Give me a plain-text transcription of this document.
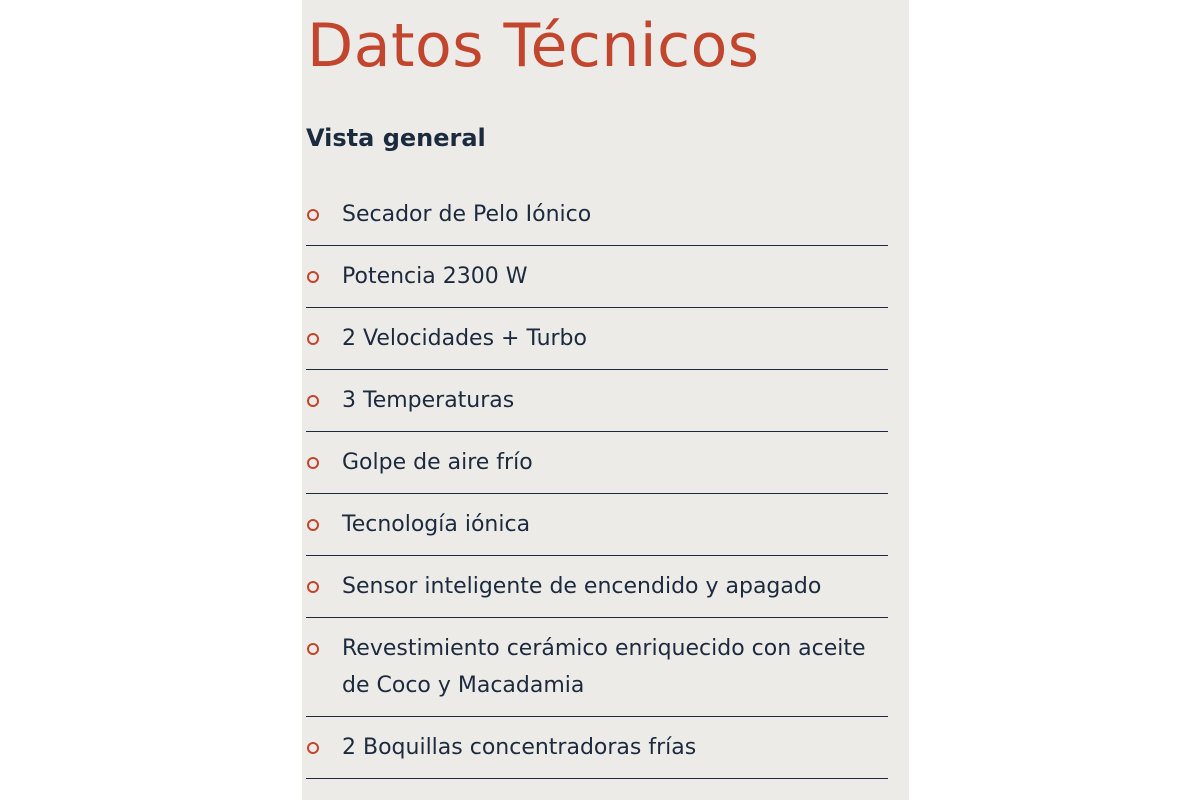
Datos Técnicos
Vista general
Secador de Pelo Iónico
Potencia 2300 W
2 Velocidades + Turbo
3 Temperaturas
Golpe de aire frío
Tecnología iónica
Sensor inteligente de encendido y apagado
Revestimiento cerámico enriquecido con aceite de Coco y Macadamia
2 Boquillas concentradoras frías
